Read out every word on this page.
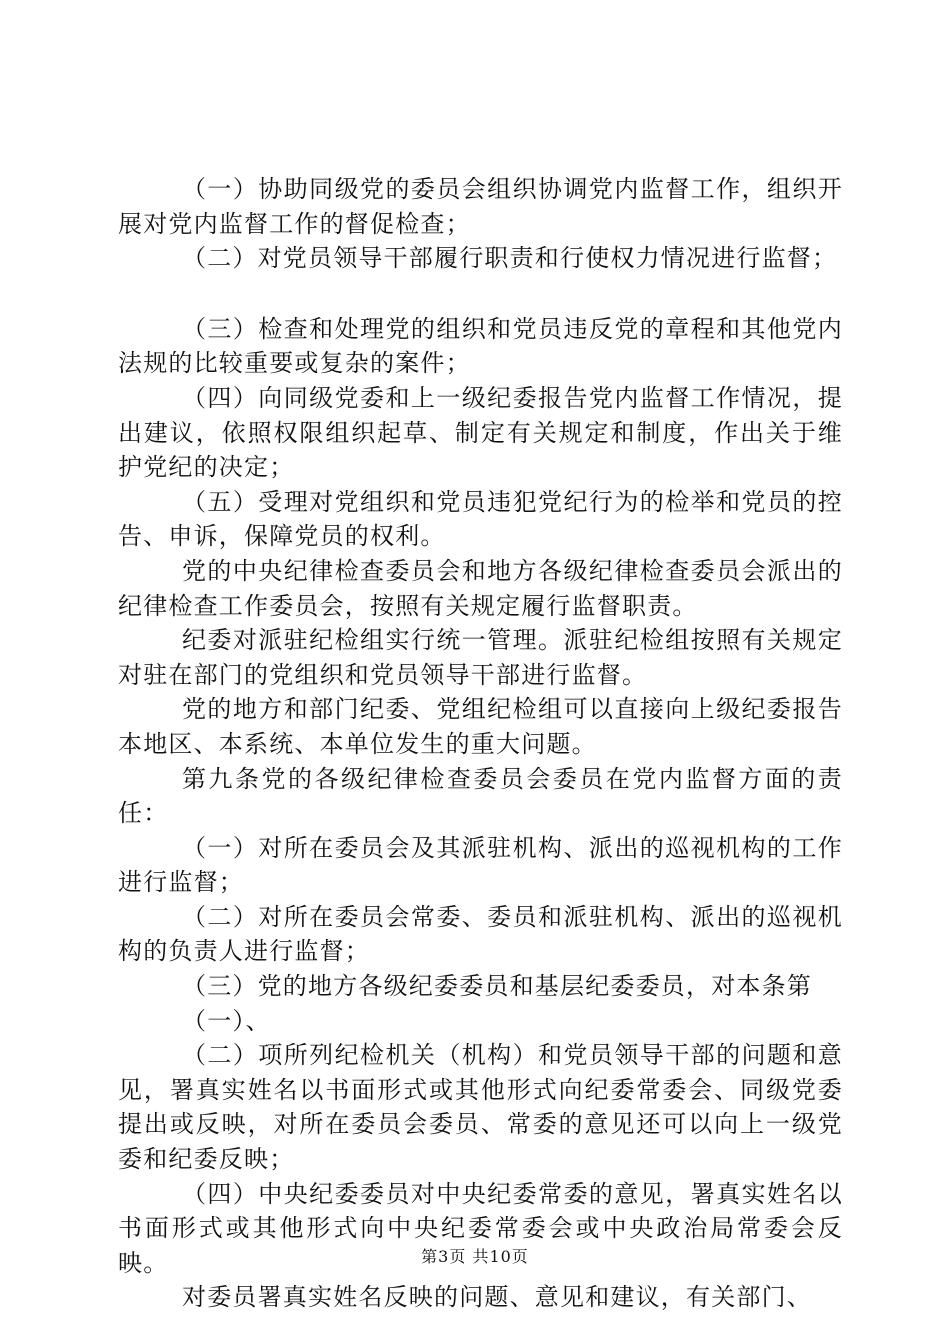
（一）协助同级党的委员会组织协调党内监督工作，组织开展对党内监督工作的督促检查；

（二）对党员领导干部履行职责和行使权力情况进行监督；

（三）检查和处理党的组织和党员违反党的章程和其他党内法规的比较重要或复杂的案件；

（四）向同级党委和上一级纪委报告党内监督工作情况，提出建议，依照权限组织起草、制定有关规定和制度，作出关于维护党纪的决定；

（五）受理对党组织和党员违犯党纪行为的检举和党员的控告、申诉，保障党员的权利。

党的中央纪律检查委员会和地方各级纪律检查委员会派出的纪律检查工作委员会，按照有关规定履行监督职责。

纪委对派驻纪检组实行统一管理。派驻纪检组按照有关规定对驻在部门的党组织和党员领导干部进行监督。

党的地方和部门纪委、党组纪检组可以直接向上级纪委报告本地区、本系统、本单位发生的重大问题。

第九条党的各级纪律检查委员会委员在党内监督方面的责任：

（一）对所在委员会及其派驻机构、派出的巡视机构的工作进行监督；

（二）对所在委员会常委、委员和派驻机构、派出的巡视机构的负责人进行监督；

（三）党的地方各级纪委委员和基层纪委委员，对本条第

（一）、

（二）项所列纪检机关（机构）和党员领导干部的问题和意见，署真实姓名以书面形式或其他形式向纪委常委会、同级党委提出或反映，对所在委员会委员、常委的意见还可以向上一级党委和纪委反映；

（四）中央纪委委员对中央纪委常委的意见，署真实姓名以书面形式或其他形式向中央纪委常委会或中央政治局常委会反映。

对委员署真实姓名反映的问题、意见和建议，有关部门、

第3页 共10页
